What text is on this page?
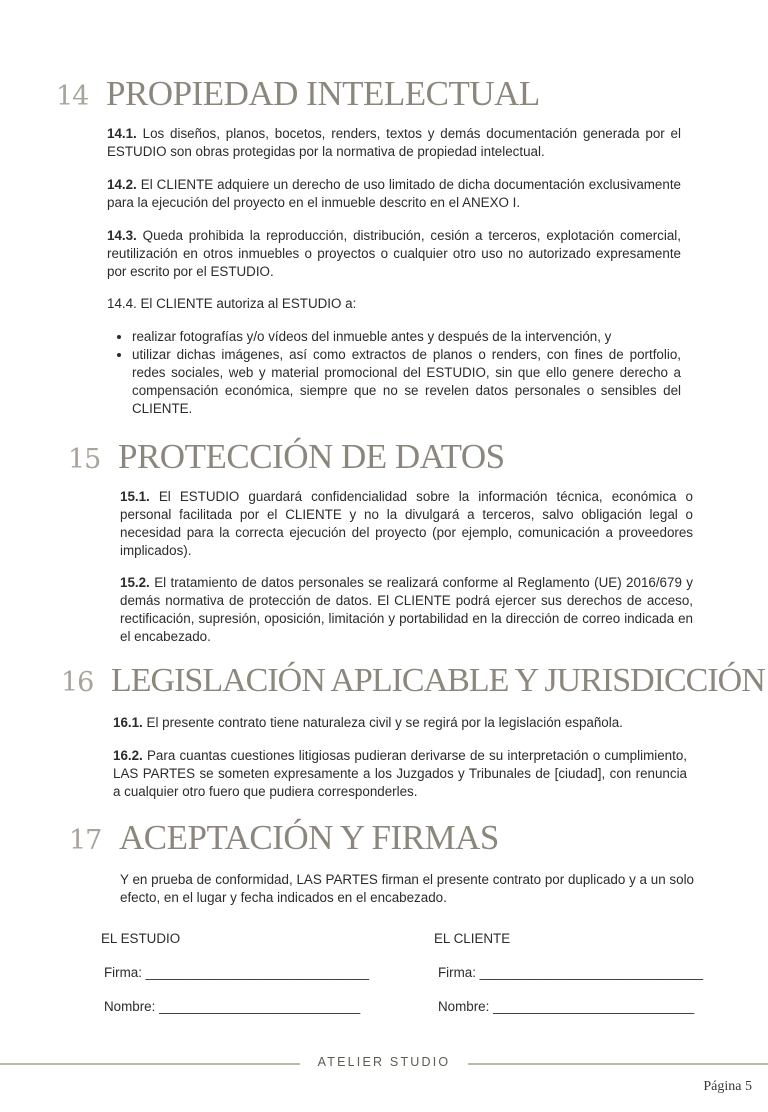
14 PROPIEDAD INTELECTUAL

14.1. Los diseños, planos, bocetos, renders, textos y demás documentación generada por el ESTUDIO son obras protegidas por la normativa de propiedad intelectual.

14.2. El CLIENTE adquiere un derecho de uso limitado de dicha documentación exclusivamente para la ejecución del proyecto en el inmueble descrito en el ANEXO I.

14.3. Queda prohibida la reproducción, distribución, cesión a terceros, explotación comercial, reutilización en otros inmuebles o proyectos o cualquier otro uso no autorizado expresamente por escrito por el ESTUDIO.

14.4. El CLIENTE autoriza al ESTUDIO a:

• realizar fotografías y/o vídeos del inmueble antes y después de la intervención, y
• utilizar dichas imágenes, así como extractos de planos o renders, con fines de portfolio, redes sociales, web y material promocional del ESTUDIO, sin que ello genere derecho a compensación económica, siempre que no se revelen datos personales o sensibles del CLIENTE.
15 PROTECCIÓN DE DATOS

15.1. El ESTUDIO guardará confidencialidad sobre la información técnica, económica o personal facilitada por el CLIENTE y no la divulgará a terceros, salvo obligación legal o necesidad para la correcta ejecución del proyecto (por ejemplo, comunicación a proveedores implicados).

15.2. El tratamiento de datos personales se realizará conforme al Reglamento (UE) 2016/679 y demás normativa de protección de datos. El CLIENTE podrá ejercer sus derechos de acceso, rectificación, supresión, oposición, limitación y portabilidad en la dirección de correo indicada en el encabezado.

16 LEGISLACIÓN APLICABLE Y JURISDICCIÓN

16.1. El presente contrato tiene naturaleza civil y se regirá por la legislación española.

16.2. Para cuantas cuestiones litigiosas pudieran derivarse de su interpretación o cumplimiento, LAS PARTES se someten expresamente a los Juzgados y Tribunales de [ciudad], con renuncia a cualquier otro fuero que pudiera corresponderles.

17 ACEPTACIÓN Y FIRMAS

Y en prueba de conformidad, LAS PARTES firman el presente contrato por duplicado y a un solo efecto, en el lugar y fecha indicados en el encabezado.

EL ESTUDIO	EL CLIENTE
Firma: ______________________________	Firma: ______________________________
Nombre: ___________________________	Nombre: ___________________________
ATELIER STUDIO
Página 5
